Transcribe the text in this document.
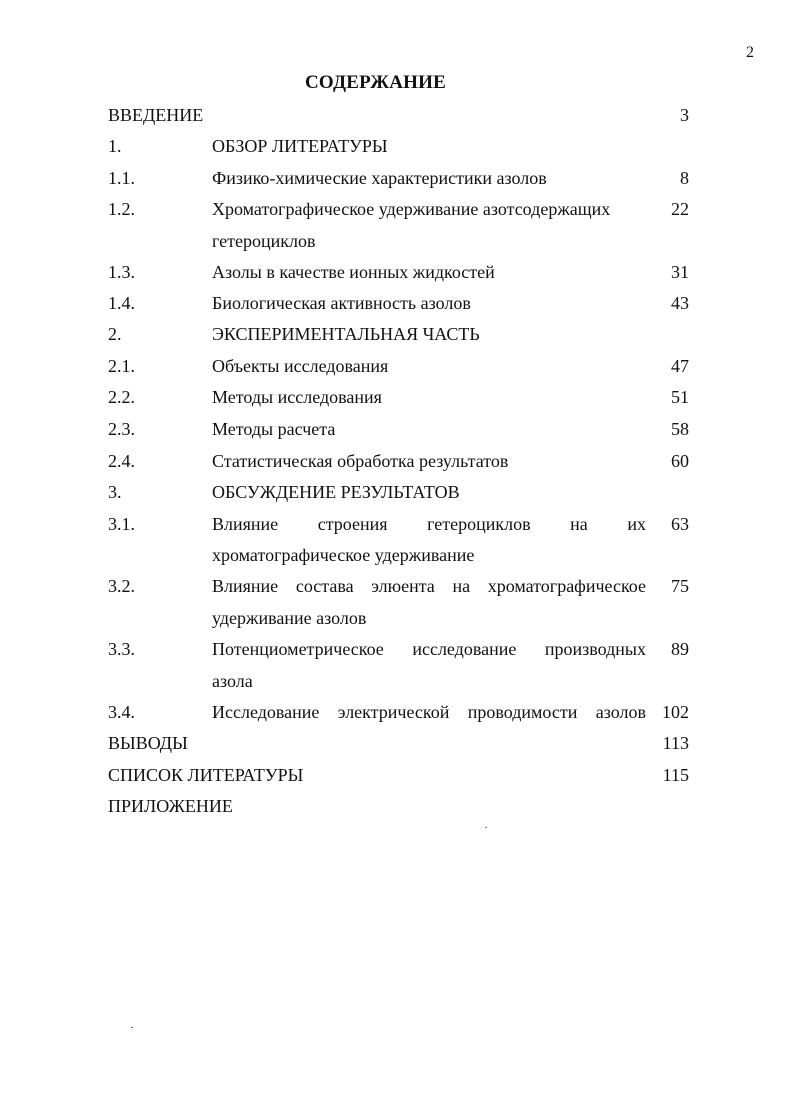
2
СОДЕРЖАНИЕ
ВВЕДЕНИЕ	3
1.	ОБЗОР ЛИТЕРАТУРЫ
1.1.	Физико-химические характеристики азолов	8
1.2.	Хроматографическое удерживание азотсодержащих	22
гетероциклов
1.3.	Азолы в качестве ионных жидкостей	31
1.4.	Биологическая активность азолов	43
2.	ЭКСПЕРИМЕНТАЛЬНАЯ ЧАСТЬ
2.1.	Объекты исследования	47
2.2.	Методы исследования	51
2.3.	Методы расчета	58
2.4.	Статистическая обработка результатов	60
3.	ОБСУЖДЕНИЕ РЕЗУЛЬТАТОВ
3.1.	Влияние строения гетероциклов на их 63
хроматографическое удерживание
3.2.	Влияние состава элюента на хроматографическое 75
удерживание азолов
3.3.	Потенциометрическое исследование производных 89
азола
3.4.	Исследование электрической проводимости азолов 102
ВЫВОДЫ	113
СПИСОК ЛИТЕРАТУРЫ	115
ПРИЛОЖЕНИЕ
